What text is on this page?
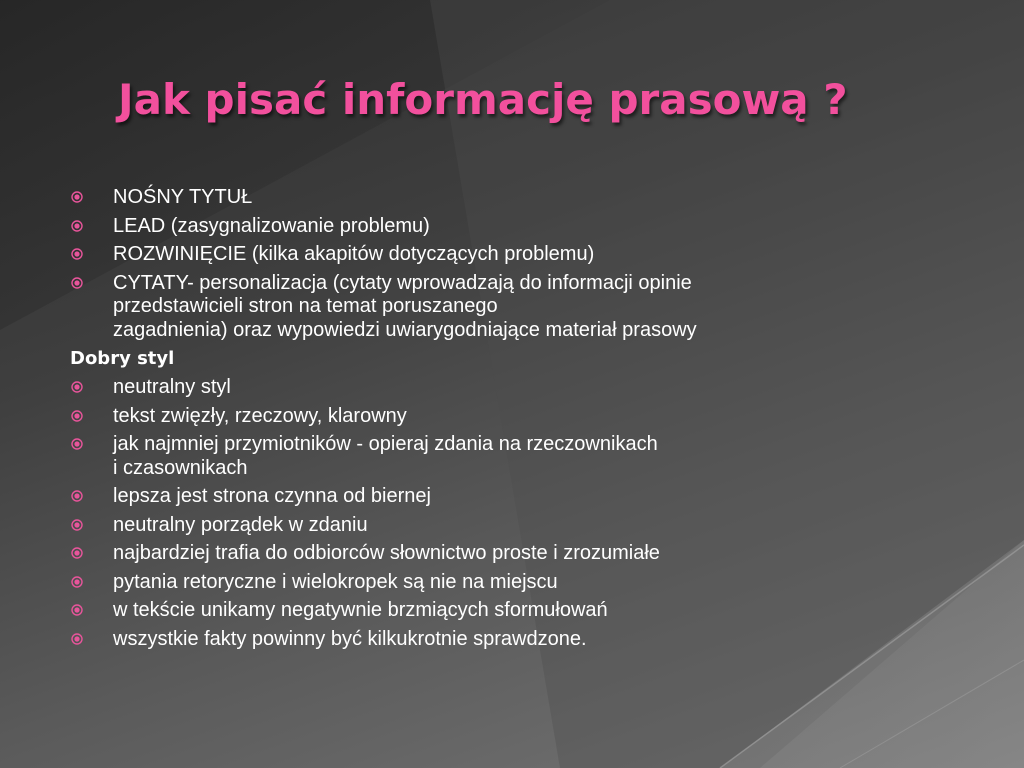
Jak pisać informację prasową ?
NOŚNY TYTUŁ
LEAD (zasygnalizowanie problemu)
ROZWINIĘCIE (kilka akapitów dotyczących problemu)
CYTATY- personalizacja (cytaty wprowadzają do informacji opinie
przedstawicieli stron na temat poruszanego
zagadnienia) oraz wypowiedzi uwiarygodniające materiał prasowy
Dobry styl
neutralny styl
tekst zwięzły, rzeczowy, klarowny
jak najmniej przymiotników - opieraj zdania na rzeczownikach
i czasownikach
lepsza jest strona czynna od biernej
neutralny porządek w zdaniu
najbardziej trafia do odbiorców słownictwo proste i zrozumiałe
pytania retoryczne i wielokropek są nie na miejscu
w tekście unikamy negatywnie brzmiących sformułowań
wszystkie fakty powinny być kilkukrotnie sprawdzone.
